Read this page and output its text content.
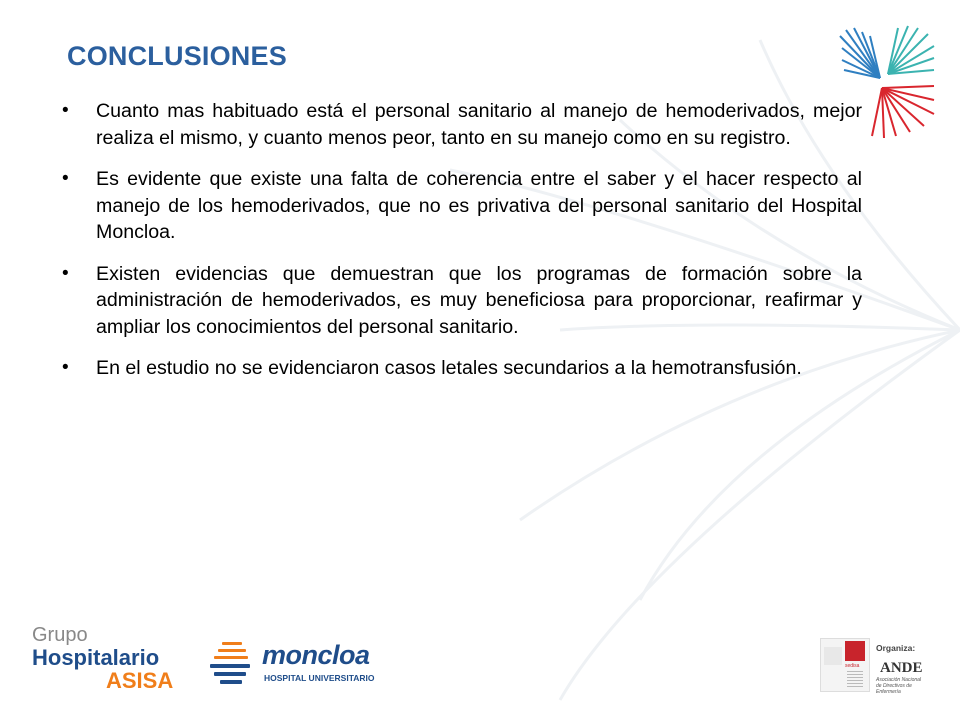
CONCLUSIONES
• Cuanto mas habituado está el personal sanitario al manejo de hemoderivados, mejor realiza el mismo, y cuanto menos peor, tanto en su manejo como en su registro.
• Es evidente que existe una falta de coherencia entre el saber y el hacer respecto al manejo de los hemoderivados, que no es privativa del personal sanitario del Hospital Moncloa.
• Existen evidencias que demuestran que los programas de formación sobre la administración de hemoderivados, es muy beneficiosa para proporcionar, reafirmar y ampliar los conocimientos del personal sanitario.
• En el estudio no se evidenciaron casos letales secundarios a la hemotransfusión.
Grupo
Hospitalario
ASISA
moncloa
HOSPITAL UNIVERSITARIO
sedisa
Organiza:
ANDE
Asociación Nacional de Directivos de Enfermería
